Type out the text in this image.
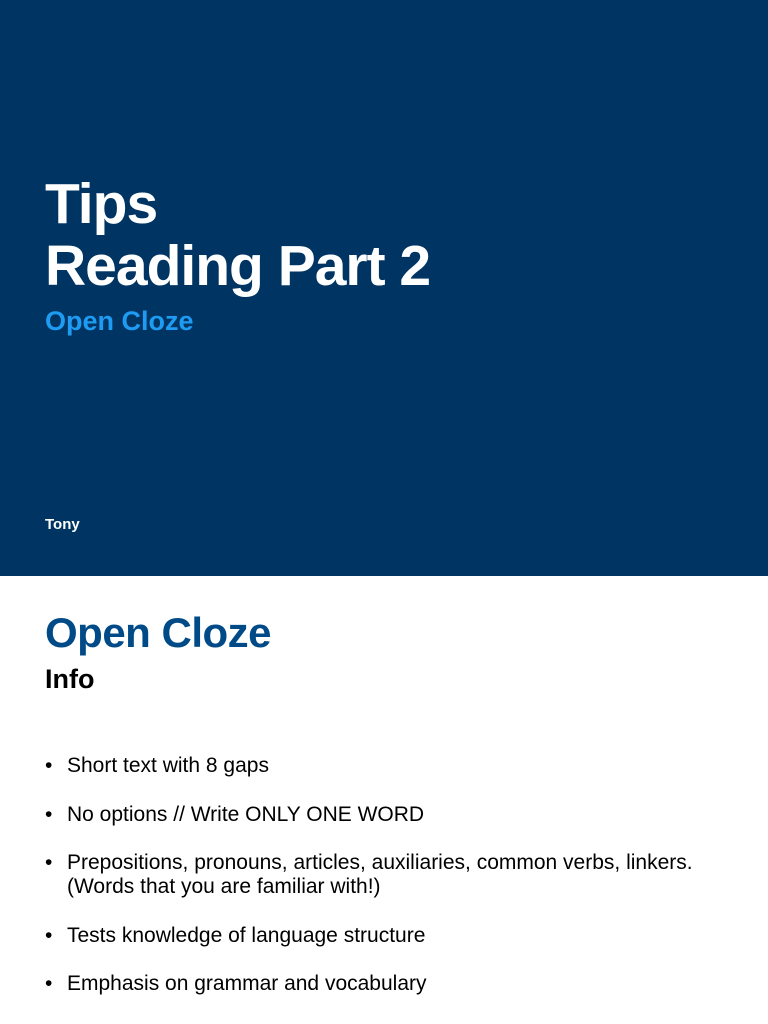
Tips
Reading Part 2

Open Cloze

Tony

Open Cloze
Info
• Short text with 8 gaps
• No options // Write ONLY ONE WORD
• Prepositions, pronouns, articles, auxiliaries, common verbs, linkers. (Words that you are familiar with!)
• Tests knowledge of language structure
• Emphasis on grammar and vocabulary
